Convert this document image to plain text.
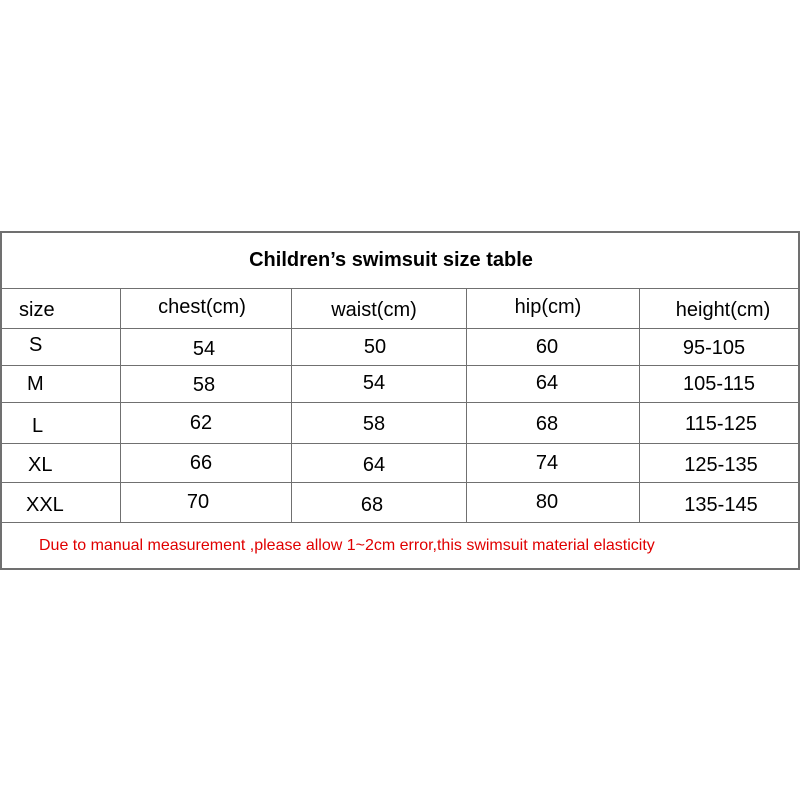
Children’s swimsuit size table
size	chest(cm)	waist(cm)	hip(cm)	height(cm)
S	54	50	60	95-105
M	58	54	64	105-115
L	62	58	68	115-125
XL	66	64	74	125-135
XXL	70	68	80	135-145
Due to manual measurement ,please allow 1~2cm error,this swimsuit material elasticity
